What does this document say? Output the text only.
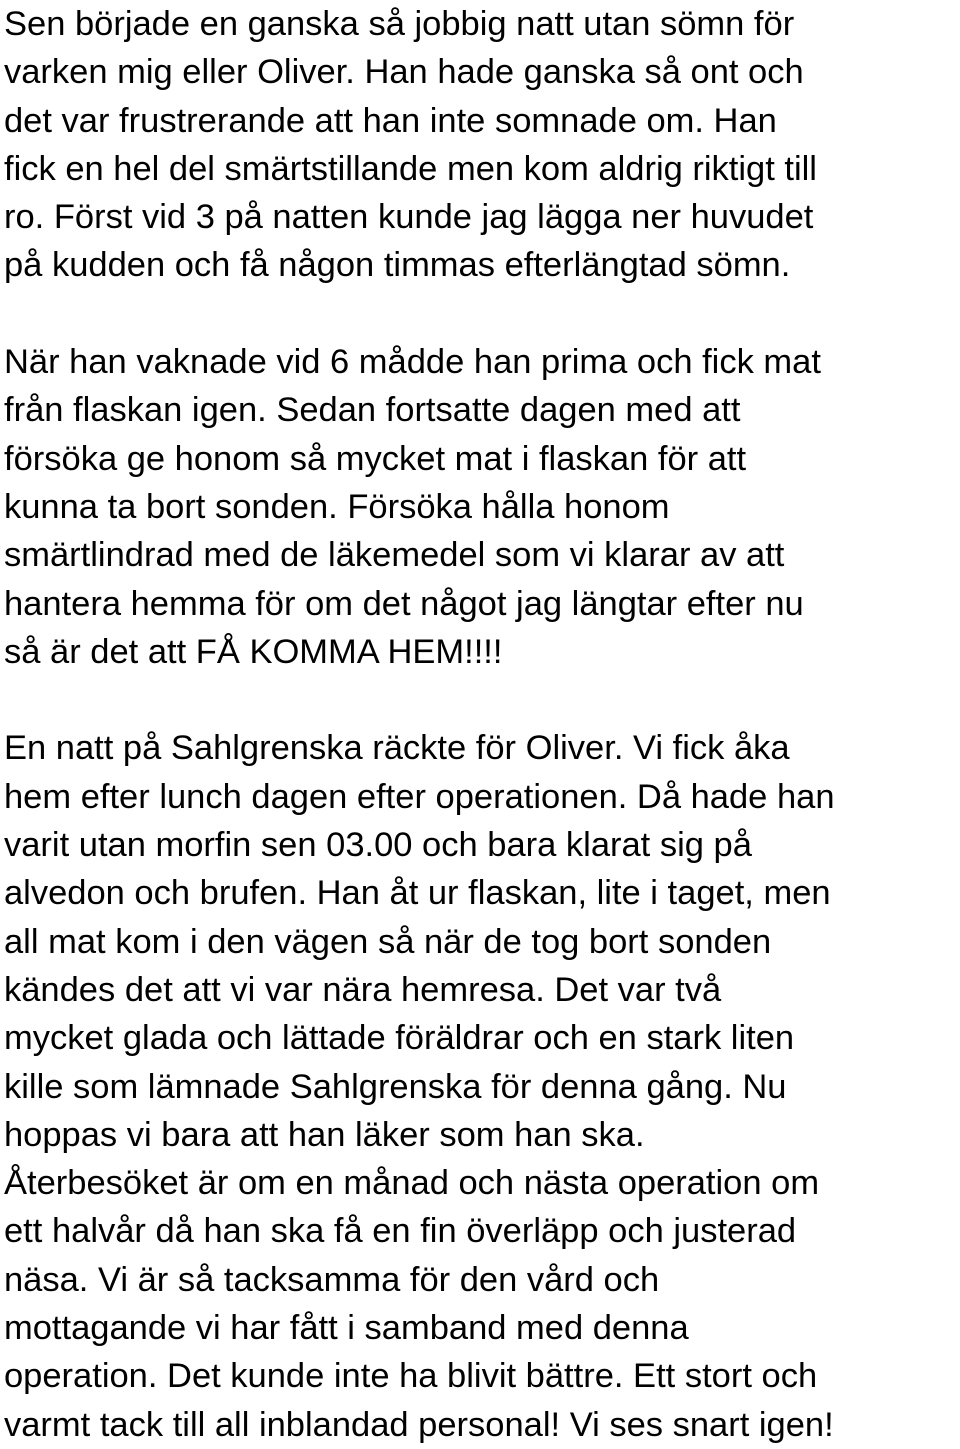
Sen började en ganska så jobbig natt utan sömn för
varken mig eller Oliver. Han hade ganska så ont och
det var frustrerande att han inte somnade om. Han
fick en hel del smärtstillande men kom aldrig riktigt till
ro. Först vid 3 på natten kunde jag lägga ner huvudet
på kudden och få någon timmas efterlängtad sömn.
När han vaknade vid 6 mådde han prima och fick mat
från flaskan igen. Sedan fortsatte dagen med att
försöka ge honom så mycket mat i flaskan för att
kunna ta bort sonden. Försöka hålla honom
smärtlindrad med de läkemedel som vi klarar av att
hantera hemma för om det något jag längtar efter nu
så är det att FÅ KOMMA HEM!!!!
En natt på Sahlgrenska räckte för Oliver. Vi fick åka
hem efter lunch dagen efter operationen. Då hade han
varit utan morfin sen 03.00 och bara klarat sig på
alvedon och brufen. Han åt ur flaskan, lite i taget, men
all mat kom i den vägen så när de tog bort sonden
kändes det att vi var nära hemresa. Det var två
mycket glada och lättade föräldrar och en stark liten
kille som lämnade Sahlgrenska för denna gång. Nu
hoppas vi bara att han läker som han ska.
Återbesöket är om en månad och nästa operation om
ett halvår då han ska få en fin överläpp och justerad
näsa. Vi är så tacksamma för den vård och
mottagande vi har fått i samband med denna
operation. Det kunde inte ha blivit bättre. Ett stort och
varmt tack till all inblandad personal! Vi ses snart igen!
